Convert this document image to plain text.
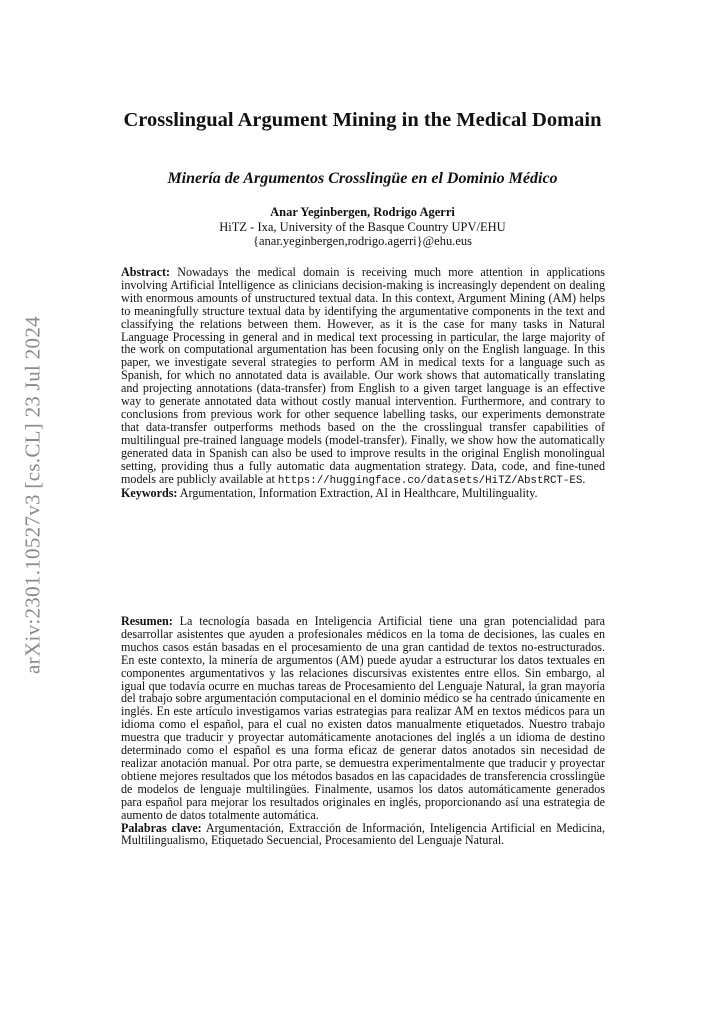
arXiv:2301.10527v3 [cs.CL] 23 Jul 2024
Crosslingual Argument Mining in the Medical Domain
Minería de Argumentos Crosslingüe en el Dominio Médico
Anar Yeginbergen, Rodrigo Agerri
HiTZ - Ixa, University of the Basque Country UPV/EHU
{anar.yeginbergen,rodrigo.agerri}@ehu.eus
Abstract: Nowadays the medical domain is receiving much more attention in applications involving Artificial Intelligence as clinicians decision-making is increasingly dependent on dealing with enormous amounts of unstructured textual data. In this context, Argument Mining (AM) helps to meaningfully structure textual data by identifying the argumentative components in the text and classifying the relations between them. However, as it is the case for many tasks in Natural Language Processing in general and in medical text processing in particular, the large majority of the work on computational argumentation has been focusing only on the English language. In this paper, we investigate several strategies to perform AM in medical texts for a language such as Spanish, for which no annotated data is available. Our work shows that automatically translating and projecting annotations (data-transfer) from English to a given target language is an effective way to generate annotated data without costly manual intervention. Furthermore, and contrary to conclusions from previous work for other sequence labelling tasks, our experiments demonstrate that data-transfer outperforms methods based on the the crosslingual transfer capabilities of multilingual pre-trained language models (model-transfer). Finally, we show how the automatically generated data in Spanish can also be used to improve results in the original English monolingual setting, providing thus a fully automatic data augmentation strategy. Data, code, and fine-tuned models are publicly available at https://huggingface.co/datasets/HiTZ/AbstRCT-ES.
Keywords: Argumentation, Information Extraction, AI in Healthcare, Multilinguality.
Resumen: La tecnología basada en Inteligencia Artificial tiene una gran potencialidad para desarrollar asistentes que ayuden a profesionales médicos en la toma de decisiones, las cuales en muchos casos están basadas en el procesamiento de una gran cantidad de textos no-estructurados. En este contexto, la minería de argumentos (AM) puede ayudar a estructurar los datos textuales en componentes argumentativos y las relaciones discursivas existentes entre ellos. Sin embargo, al igual que todavía ocurre en muchas tareas de Procesamiento del Lenguaje Natural, la gran mayoría del trabajo sobre argumentación computacional en el dominio médico se ha centrado únicamente en inglés. En este artículo investigamos varias estrategias para realizar AM en textos médicos para un idioma como el español, para el cual no existen datos manualmente etiquetados. Nuestro trabajo muestra que traducir y proyectar automáticamente anotaciones del inglés a un idioma de destino determinado como el español es una forma eficaz de generar datos anotados sin necesidad de realizar anotación manual. Por otra parte, se demuestra experimentalmente que traducir y proyectar obtiene mejores resultados que los métodos basados en las capacidades de transferencia crosslingüe de modelos de lenguaje multilingües. Finalmente, usamos los datos automáticamente generados para español para mejorar los resultados originales en inglés, proporcionando así una estrategia de aumento de datos totalmente automática.
Palabras clave: Argumentación, Extracción de Información, Inteligencia Artificial en Medicina, Multilingualismo, Etiquetado Secuencial, Procesamiento del Lenguaje Natural.
